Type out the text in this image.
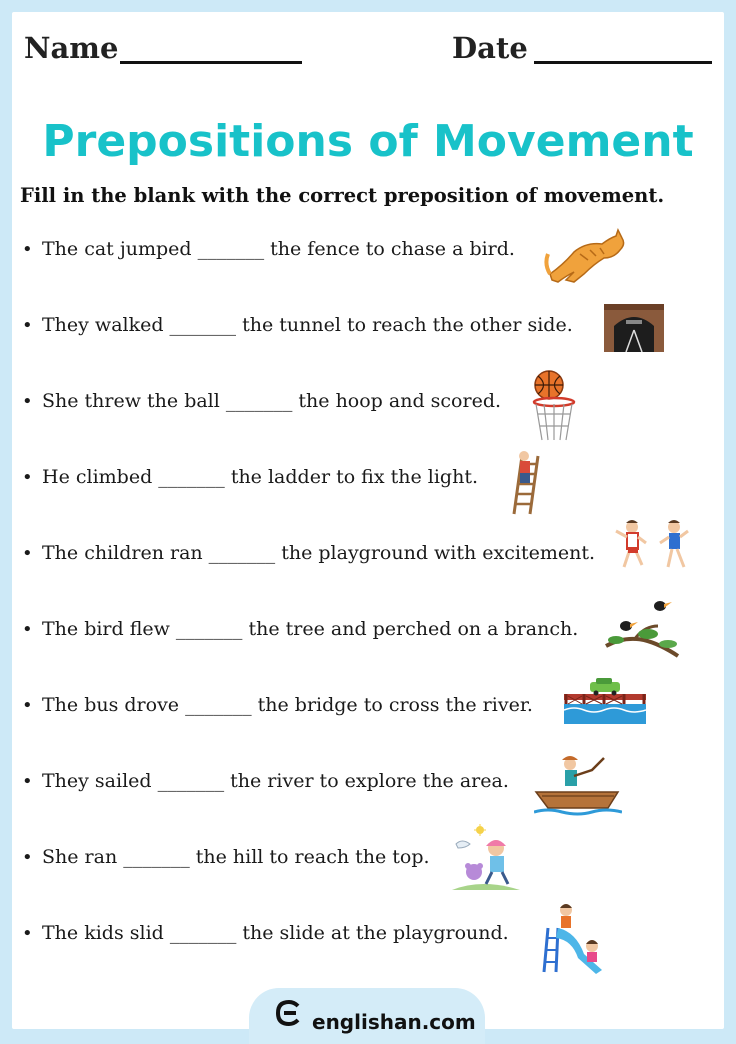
Name	Date
Prepositions of Movement
Fill in the blank with the correct preposition of movement.
• The cat jumped _______ the fence to chase a bird.
• They walked _______ the tunnel to reach the other side.
• She threw the ball _______ the hoop and scored.
• He climbed _______ the ladder to fix the light.
• The children ran _______ the playground with excitement.
• The bird flew _______ the tree and perched on a branch.
• The bus drove _______ the bridge to cross the river.
• They sailed _______ the river to explore the area.
• She ran _______ the hill to reach the top.
• The kids slid _______ the slide at the playground.
englishan.com
